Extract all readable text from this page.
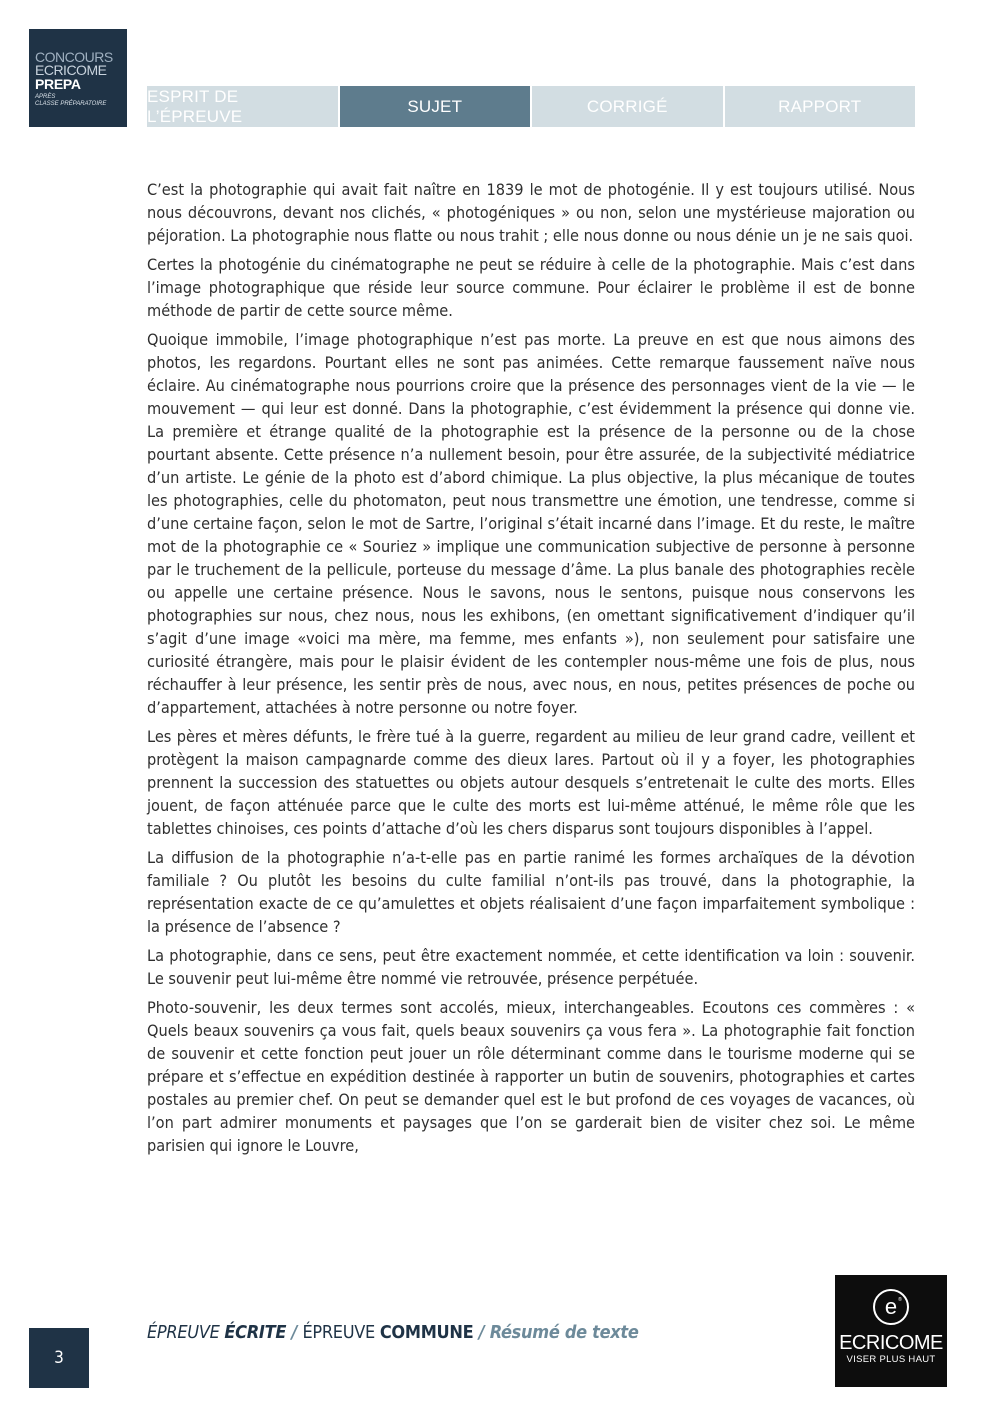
CONCOURS
ECRICOME
PREPA
APRÈS
CLASSE PRÉPARATOIRE	ESPRIT DE L’ÉPREUVE
SUJET	CORRIGÉ	RAPPORT

C’est la photographie qui avait fait naître en 1839 le mot de photogénie. Il y est toujours utilisé. Nous nous découvrons, devant nos clichés, « photogéniques » ou non, selon une mystérieuse majoration ou péjoration. La photographie nous flatte ou nous trahit ; elle nous donne ou nous dénie un je ne sais quoi.

Certes la photogénie du cinématographe ne peut se réduire à celle de la photographie. Mais c’est dans l’image photographique que réside leur source commune. Pour éclairer le problème il est de bonne méthode de partir de cette source même.

Quoique immobile, l’image photographique n’est pas morte. La preuve en est que nous aimons des photos, les regardons. Pourtant elles ne sont pas animées. Cette remarque faussement naïve nous éclaire. Au cinématographe nous pourrions croire que la présence des personnages vient de la vie — le mouvement — qui leur est donné. Dans la photographie, c’est évidemment la présence qui donne vie. La première et étrange qualité de la photographie est la présence de la personne ou de la chose pourtant absente. Cette présence n’a nullement besoin, pour être assurée, de la subjectivité médiatrice d’un artiste. Le génie de la photo est d’abord chimique. La plus objective, la plus mécanique de toutes les photographies, celle du photomaton, peut nous transmettre une émotion, une tendresse, comme si d’une certaine façon, selon le mot de Sartre, l’original s’était incarné dans l’image. Et du reste, le maître mot de la photographie ce « Souriez » implique une communication subjective de personne à personne par le truchement de la pellicule, porteuse du message d’âme. La plus banale des photographies recèle ou appelle une certaine présence. Nous le savons, nous le sentons, puisque nous conservons les photographies sur nous, chez nous, nous les exhibons, (en omettant significativement d’indiquer qu’il s’agit d’une image «voici ma mère, ma femme, mes enfants »), non seulement pour satisfaire une curiosité étrangère, mais pour le plaisir évident de les contempler nous-même une fois de plus, nous réchauffer à leur présence, les sentir près de nous, avec nous, en nous, petites présences de poche ou d’appartement, attachées à notre personne ou notre foyer.

Les pères et mères défunts, le frère tué à la guerre, regardent au milieu de leur grand cadre, veillent et protègent la maison campagnarde comme des dieux lares. Partout où il y a foyer, les photographies prennent la succession des statuettes ou objets autour desquels s’entretenait le culte des morts. Elles jouent, de façon atténuée parce que le culte des morts est lui-même atténué, le même rôle que les tablettes chinoises, ces points d’attache d’où les chers disparus sont toujours disponibles à l’appel.

La diffusion de la photographie n’a-t-elle pas en partie ranimé les formes archaïques de la dévotion familiale ? Ou plutôt les besoins du culte familial n’ont-ils pas trouvé, dans la photographie, la représentation exacte de ce qu’amulettes et objets réalisaient d’une façon imparfaitement symbolique : la présence de l’absence ?

La photographie, dans ce sens, peut être exactement nommée, et cette identification va loin : souvenir. Le souvenir peut lui-même être nommé vie retrouvée, présence perpétuée.

Photo-souvenir, les deux termes sont accolés, mieux, interchangeables. Ecoutons ces commères : « Quels beaux souvenirs ça vous fait, quels beaux souvenirs ça vous fera ». La photographie fait fonction de souvenir et cette fonction peut jouer un rôle déterminant comme dans le tourisme moderne qui se prépare et s’effectue en expédition destinée à rapporter un butin de souvenirs, photographies et cartes postales au premier chef. On peut se demander quel est le but profond de ces voyages de vacances, où l’on part admirer monuments et paysages que l’on se garderait bien de visiter chez soi. Le même parisien qui ignore le Louvre,

3
ÉPREUVE ÉCRITE / ÉPREUVE COMMUNE / Résumé de texte
e ®
ECRICOME
VISER PLUS HAUT
